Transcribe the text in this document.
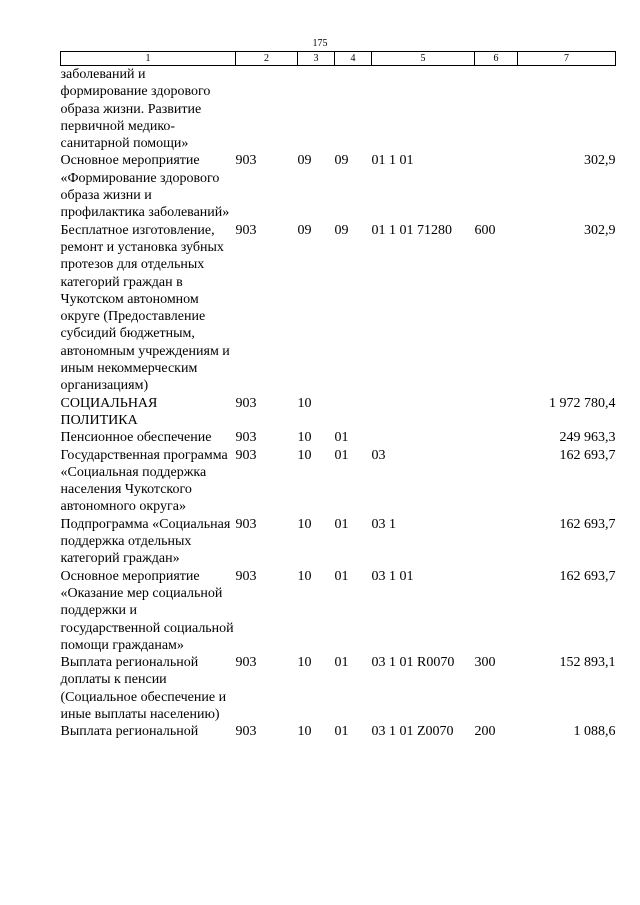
175
1	2	3	4	5	6	7
заболеваний и формирование здорового образа жизни. Развитие первичной медико-санитарной помощи»						
Основное мероприятие «Формирование здорового образа жизни и профилактика заболеваний»	903	09	09	01 1 01		302,9
Бесплатное изготовление, ремонт и установка зубных протезов для отдельных категорий граждан в Чукотском автономном округе (Предоставление субсидий бюджетным, автономным учреждениям и иным некоммерческим организациям)	903	09	09	01 1 01 71280	600	302,9
СОЦИАЛЬНАЯ ПОЛИТИКА	903	10				1 972 780,4
Пенсионное обеспечение	903	10	01			249 963,3
Государственная программа «Социальная поддержка населения Чукотского автономного округа»	903	10	01	03		162 693,7
Подпрограмма «Социальная поддержка отдельных категорий граждан»	903	10	01	03 1		162 693,7
Основное мероприятие «Оказание мер социальной поддержки и государственной социальной помощи гражданам»	903	10	01	03 1 01		162 693,7
Выплата региональной доплаты к пенсии (Социальное обеспечение и иные выплаты населению)	903	10	01	03 1 01 R0070	300	152 893,1
Выплата региональной	903	10	01	03 1 01 Z0070	200	1 088,6
